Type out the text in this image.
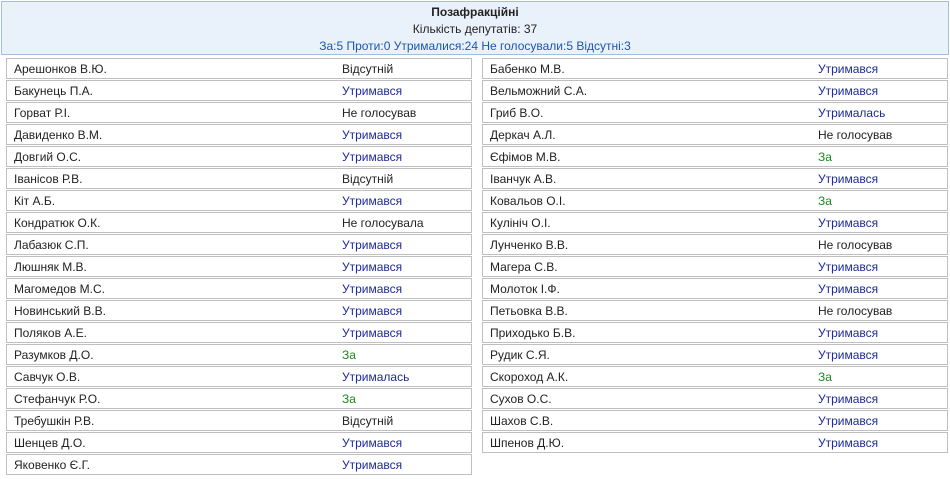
Позафракційні
Кількість депутатів: 37
За:5 Проти:0 Утрималися:24 Не голосували:5 Відсутні:3
Арешонков В.Ю.	Відсутній
Бакунець П.А.	Утримався
Горват Р.І.	Не голосував
Давиденко В.М.	Утримався
Довгий О.С.	Утримався
Іванісов Р.В.	Відсутній
Кіт А.Б.	Утримався
Кондратюк О.К.	Не голосувала
Лабазюк С.П.	Утримався
Люшняк М.В.	Утримався
Магомедов М.С.	Утримався
Новинський В.В.	Утримався
Поляков А.Е.	Утримався
Разумков Д.О.	За
Савчук О.В.	Утрималась
Стефанчук Р.О.	За
Требушкін Р.В.	Відсутній
Шенцев Д.О.	Утримався
Яковенко Є.Г.	Утримався
Бабенко М.В.	Утримався
Вельможний С.А.	Утримався
Гриб В.О.	Утрималась
Деркач А.Л.	Не голосував
Єфімов М.В.	За
Іванчук А.В.	Утримався
Ковальов О.І.	За
Кулініч О.І.	Утримався
Лунченко В.В.	Не голосував
Магера С.В.	Утримався
Молоток І.Ф.	Утримався
Петьовка В.В.	Не голосував
Приходько Б.В.	Утримався
Рудик С.Я.	Утримався
Скороход А.К.	За
Сухов О.С.	Утримався
Шахов С.В.	Утримався
Шпенов Д.Ю.	Утримався
